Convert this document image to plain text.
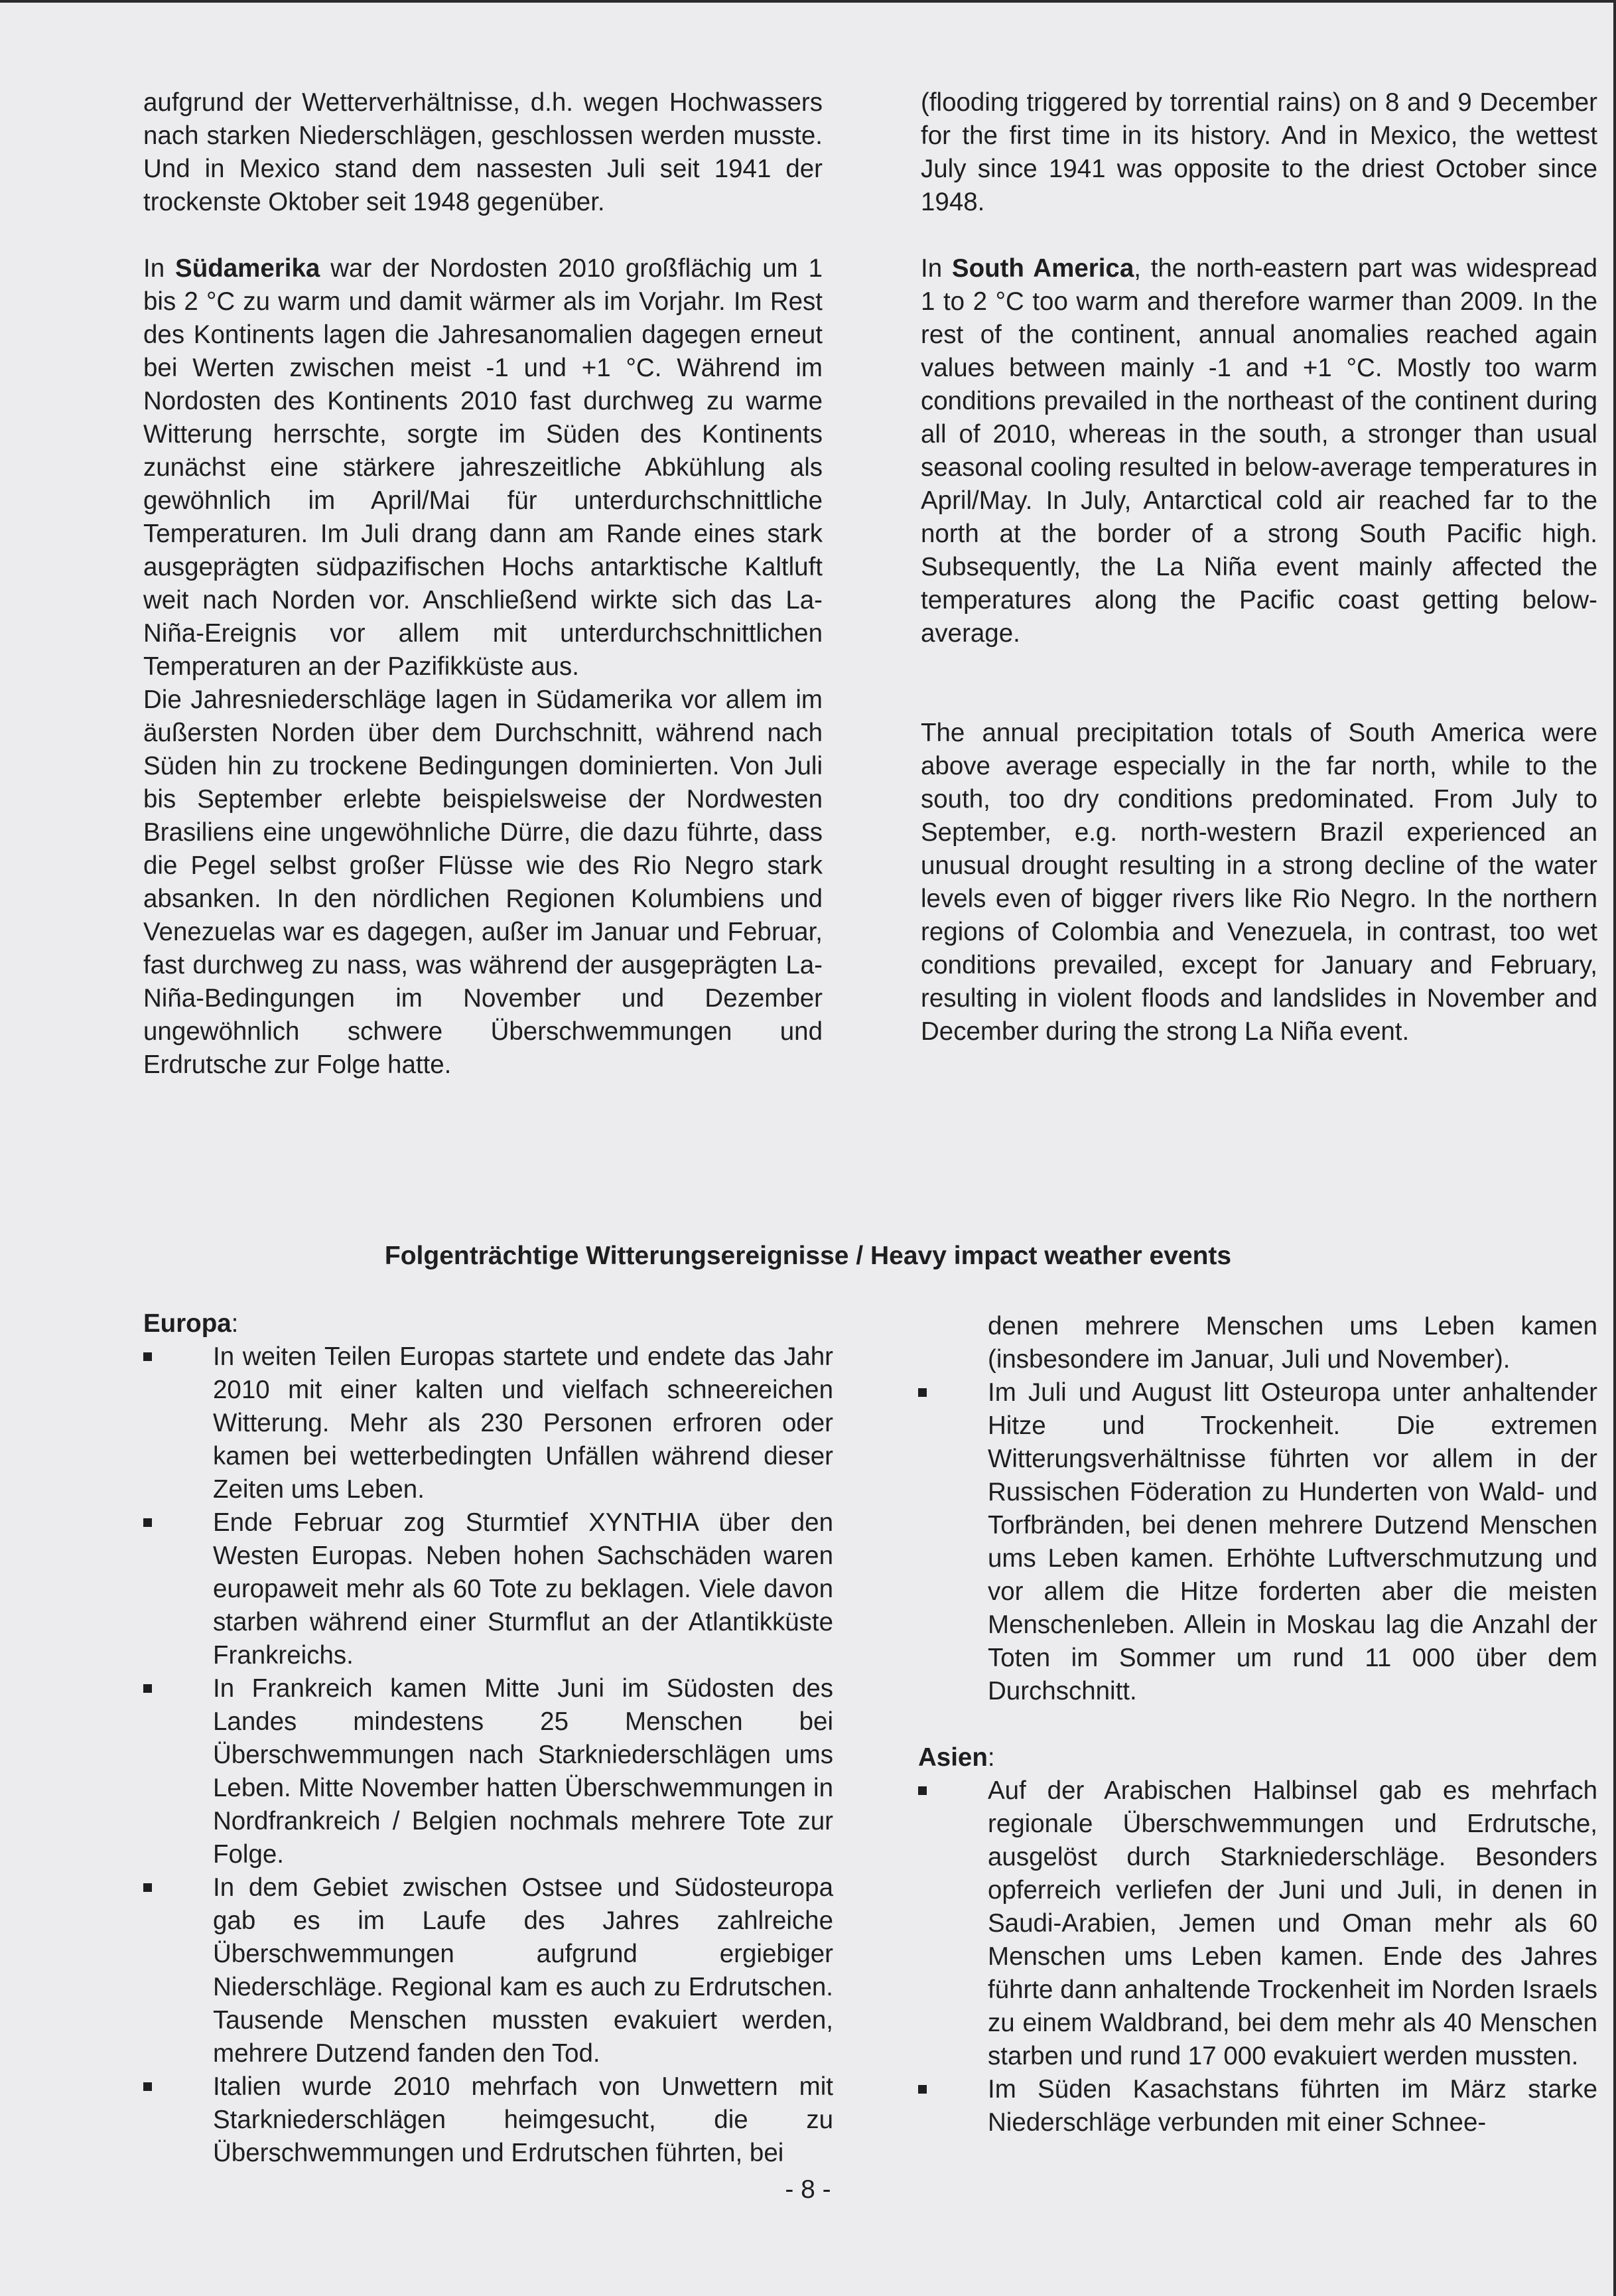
aufgrund der Wetterverhältnisse, d.h. wegen Hochwassers nach starken Niederschlägen, geschlossen werden musste. Und in Mexico stand dem nassesten Juli seit 1941 der trockenste Oktober seit 1948 gegenüber.

In Südamerika war der Nordosten 2010 großflächig um 1 bis 2 °C zu warm und damit wärmer als im Vorjahr. Im Rest des Kontinents lagen die Jahresanomalien dagegen erneut bei Werten zwischen meist -1 und +1 °C. Während im Nordosten des Kontinents 2010 fast durchweg zu warme Witterung herrschte, sorgte im Süden des Kontinents zunächst eine stärkere jahreszeitliche Abkühlung als gewöhnlich im April/Mai für unterdurchschnittliche Temperaturen. Im Juli drang dann am Rande eines stark ausgeprägten südpazifischen Hochs antarktische Kaltluft weit nach Norden vor. Anschließend wirkte sich das La-Niña-Ereignis vor allem mit unterdurchschnittlichen Temperaturen an der Pazifikküste aus.

Die Jahresniederschläge lagen in Südamerika vor allem im äußersten Norden über dem Durchschnitt, während nach Süden hin zu trockene Bedingungen dominierten. Von Juli bis September erlebte beispielsweise der Nordwesten Brasiliens eine ungewöhnliche Dürre, die dazu führte, dass die Pegel selbst großer Flüsse wie des Rio Negro stark absanken. In den nördlichen Regionen Kolumbiens und Venezuelas war es dagegen, außer im Januar und Februar, fast durchweg zu nass, was während der ausgeprägten La-Niña-Bedingungen im November und Dezember ungewöhnlich schwere Überschwemmungen und Erdrutsche zur Folge hatte.

(flooding triggered by torrential rains) on 8 and 9 December for the first time in its history. And in Mexico, the wettest July since 1941 was opposite to the driest October since 1948.

In South America, the north-eastern part was widespread 1 to 2 °C too warm and therefore warmer than 2009. In the rest of the continent, annual anomalies reached again values between mainly -1 and +1 °C. Mostly too warm conditions prevailed in the northeast of the continent during all of 2010, whereas in the south, a stronger than usual seasonal cooling resulted in below-average temperatures in April/May. In July, Antarctical cold air reached far to the north at the border of a strong South Pacific high. Subsequently, the La Niña event mainly affected the temperatures along the Pacific coast getting below-average.

The annual precipitation totals of South America were above average especially in the far north, while to the south, too dry conditions predominated. From July to September, e.g. north-western Brazil experienced an unusual drought resulting in a strong decline of the water levels even of bigger rivers like Rio Negro. In the northern regions of Colombia and Venezuela, in contrast, too wet conditions prevailed, except for January and February, resulting in violent floods and landslides in November and December during the strong La Niña event.

Folgenträchtige Witterungsereignisse / Heavy impact weather events
Europa:
In weiten Teilen Europas startete und endete das Jahr 2010 mit einer kalten und vielfach schneereichen Witterung. Mehr als 230 Personen erfroren oder kamen bei wetterbedingten Unfällen während dieser Zeiten ums Leben.
Ende Februar zog Sturmtief XYNTHIA über den Westen Europas. Neben hohen Sachschäden waren europaweit mehr als 60 Tote zu beklagen. Viele davon starben während einer Sturmflut an der Atlantikküste Frankreichs.
In Frankreich kamen Mitte Juni im Südosten des Landes mindestens 25 Menschen bei Überschwemmungen nach Starkniederschlägen ums Leben. Mitte November hatten Überschwemmungen in Nordfrankreich / Belgien nochmals mehrere Tote zur Folge.
In dem Gebiet zwischen Ostsee und Südosteuropa gab es im Laufe des Jahres zahlreiche Überschwemmungen aufgrund ergiebiger Niederschläge. Regional kam es auch zu Erdrutschen. Tausende Menschen mussten evakuiert werden, mehrere Dutzend fanden den Tod.
Italien wurde 2010 mehrfach von Unwettern mit Starkniederschlägen heimgesucht, die zu Überschwemmungen und Erdrutschen führten, bei
denen mehrere Menschen ums Leben kamen (insbesondere im Januar, Juli und November).
Im Juli und August litt Osteuropa unter anhaltender Hitze und Trockenheit. Die extremen Witterungsverhältnisse führten vor allem in der Russischen Föderation zu Hunderten von Wald- und Torfbränden, bei denen mehrere Dutzend Menschen ums Leben kamen. Erhöhte Luftverschmutzung und vor allem die Hitze forderten aber die meisten Menschenleben. Allein in Moskau lag die Anzahl der Toten im Sommer um rund 11 000 über dem Durchschnitt.
Asien:
Auf der Arabischen Halbinsel gab es mehrfach regionale Überschwemmungen und Erdrutsche, ausgelöst durch Starkniederschläge. Besonders opferreich verliefen der Juni und Juli, in denen in Saudi-Arabien, Jemen und Oman mehr als 60 Menschen ums Leben kamen. Ende des Jahres führte dann anhaltende Trockenheit im Norden Israels zu einem Waldbrand, bei dem mehr als 40 Menschen starben und rund 17 000 evakuiert werden mussten.
Im Süden Kasachstans führten im März starke Niederschläge verbunden mit einer Schnee-
- 8 -
